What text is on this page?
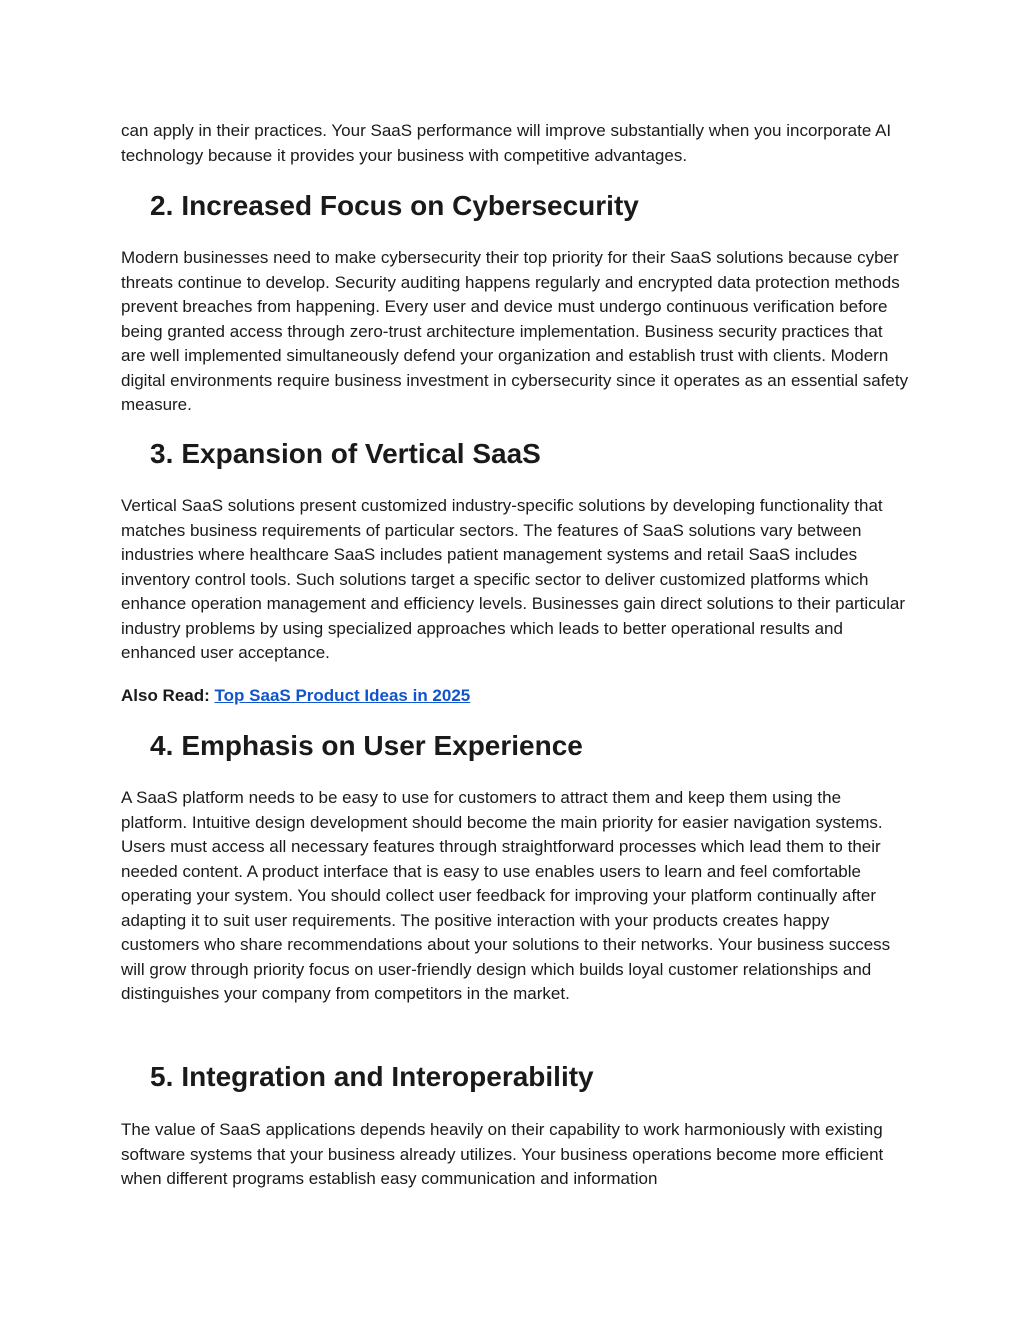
can apply in their practices. Your SaaS performance will improve substantially when you incorporate AI technology because it provides your business with competitive advantages.

2. Increased Focus on Cybersecurity

Modern businesses need to make cybersecurity their top priority for their SaaS solutions because cyber threats continue to develop. Security auditing happens regularly and encrypted data protection methods prevent breaches from happening. Every user and device must undergo continuous verification before being granted access through zero-trust architecture implementation. Business security practices that are well implemented simultaneously defend your organization and establish trust with clients. Modern digital environments require business investment in cybersecurity since it operates as an essential safety measure.

3. Expansion of Vertical SaaS

Vertical SaaS solutions present customized industry-specific solutions by developing functionality that matches business requirements of particular sectors. The features of SaaS solutions vary between industries where healthcare SaaS includes patient management systems and retail SaaS includes inventory control tools. Such solutions target a specific sector to deliver customized platforms which enhance operation management and efficiency levels. Businesses gain direct solutions to their particular industry problems by using specialized approaches which leads to better operational results and enhanced user acceptance.

Also Read: Top SaaS Product Ideas in 2025

4. Emphasis on User Experience

A SaaS platform needs to be easy to use for customers to attract them and keep them using the platform. Intuitive design development should become the main priority for easier navigation systems. Users must access all necessary features through straightforward processes which lead them to their needed content. A product interface that is easy to use enables users to learn and feel comfortable operating your system. You should collect user feedback for improving your platform continually after adapting it to suit user requirements. The positive interaction with your products creates happy customers who share recommendations about your solutions to their networks. Your business success will grow through priority focus on user-friendly design which builds loyal customer relationships and distinguishes your company from competitors in the market.

5. Integration and Interoperability

The value of SaaS applications depends heavily on their capability to work harmoniously with existing software systems that your business already utilizes. Your business operations become more efficient when different programs establish easy communication and information
